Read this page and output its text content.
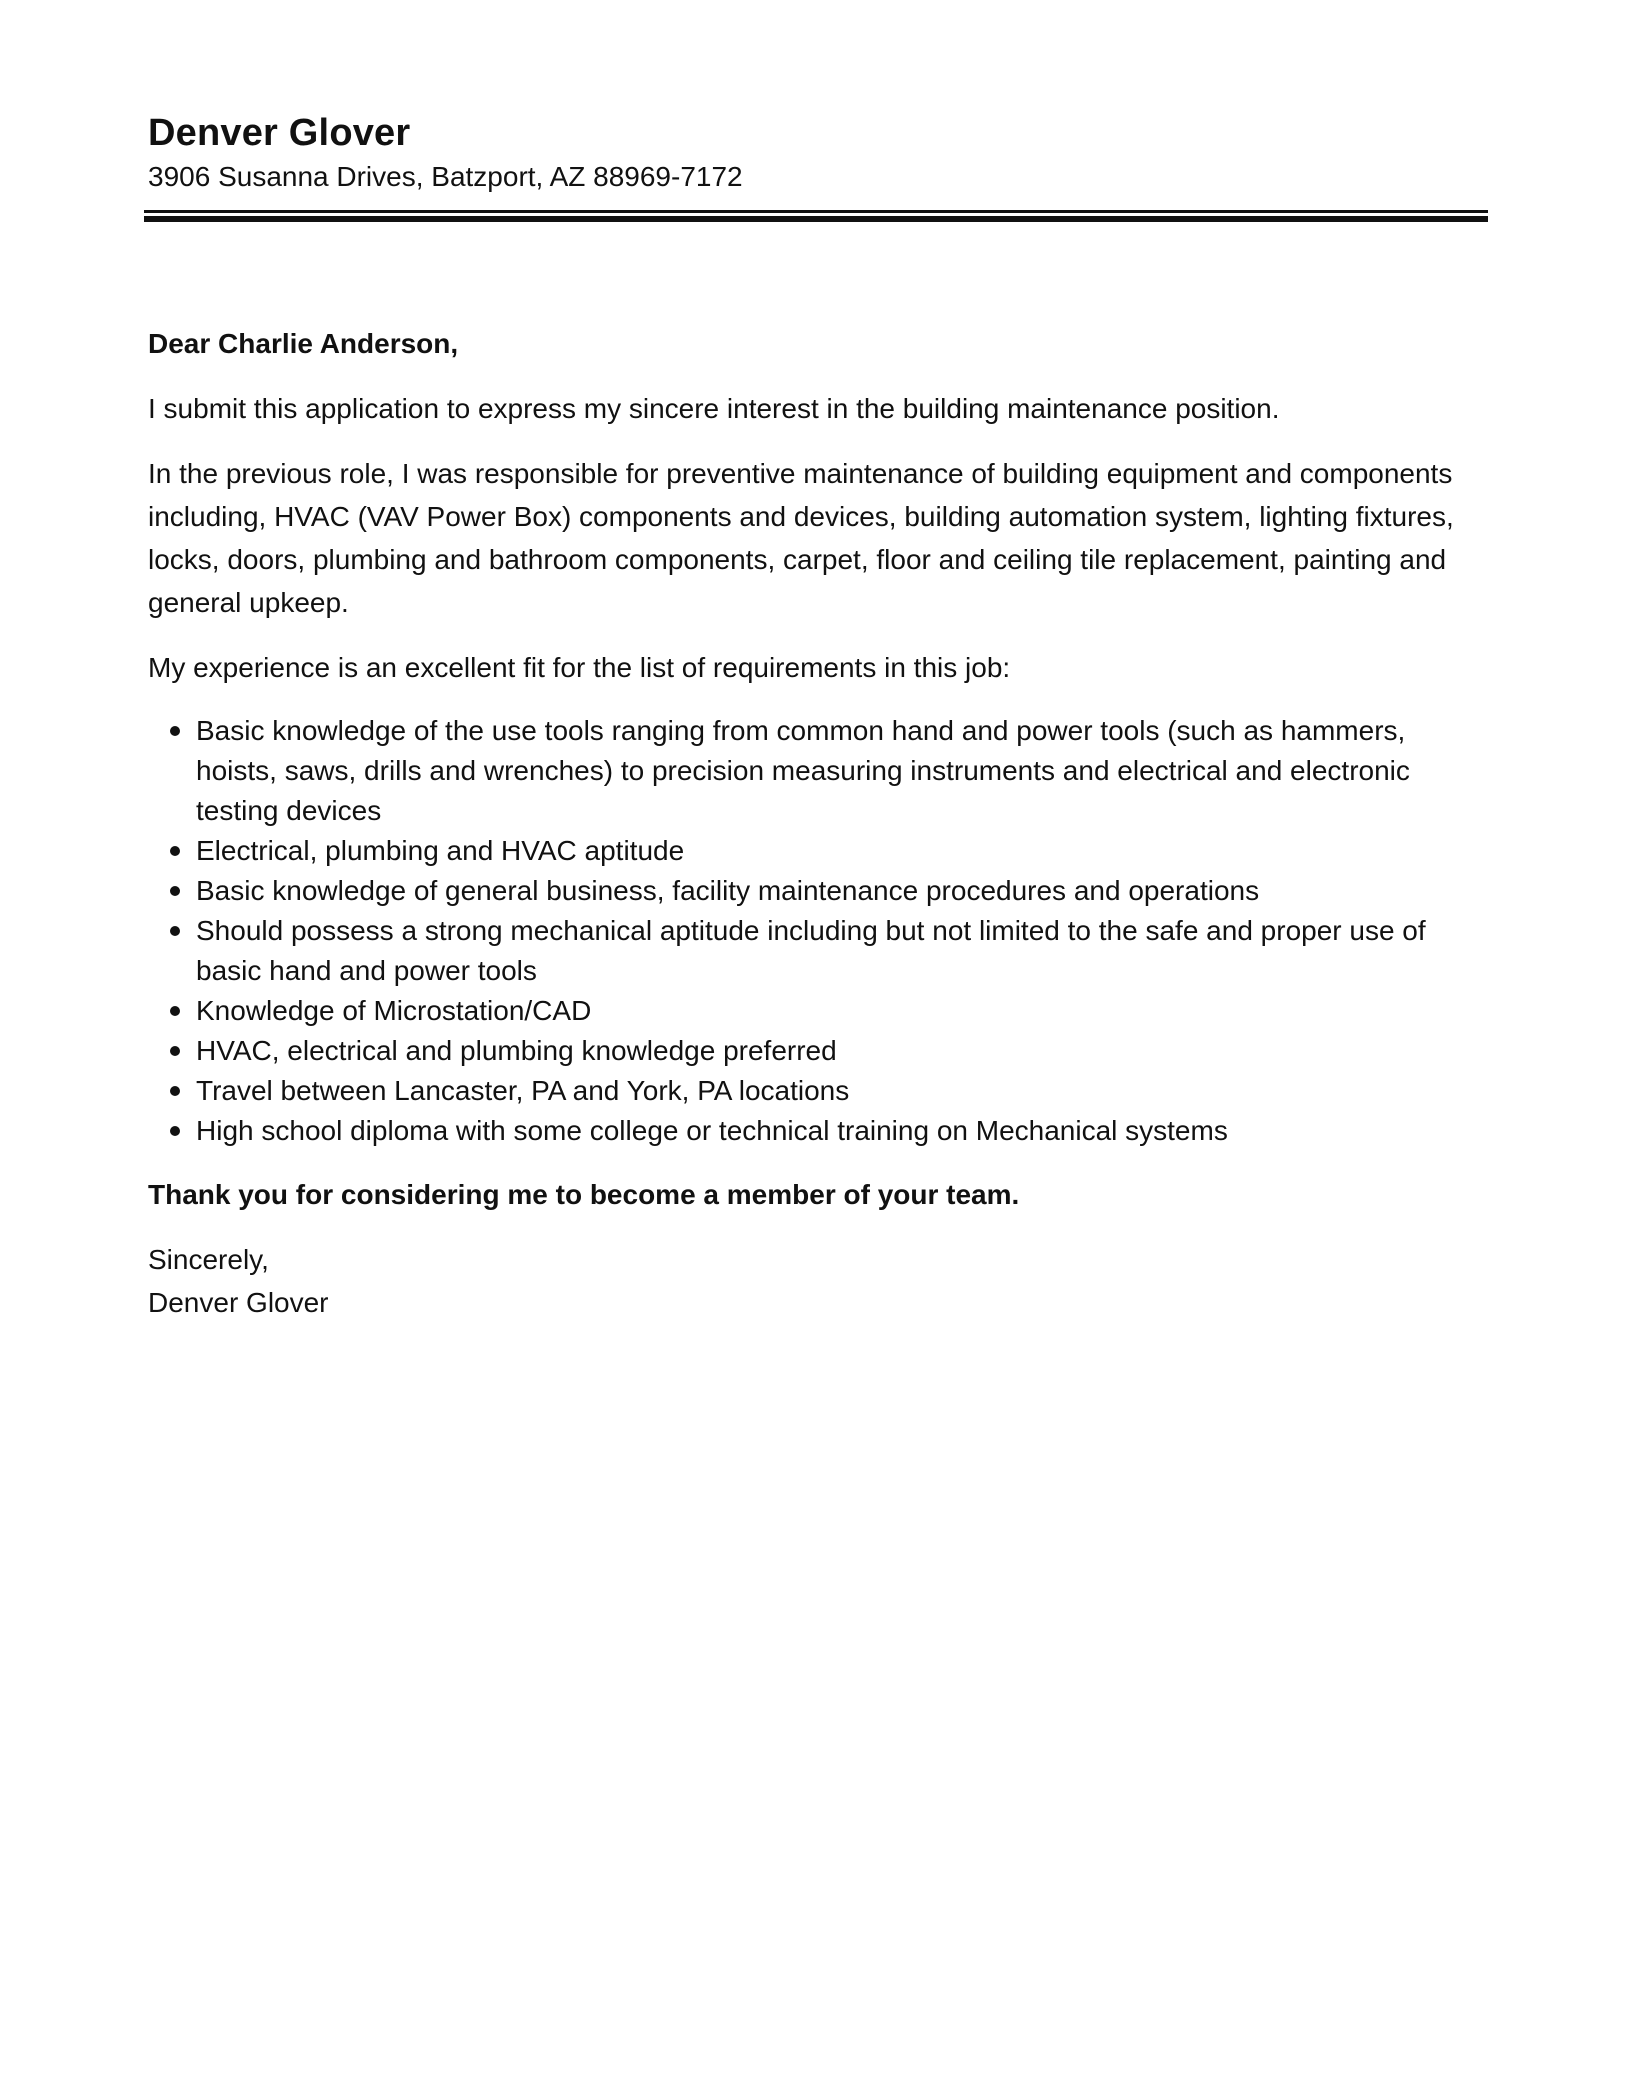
Denver Glover

3906 Susanna Drives, Batzport, AZ 88969-7172

Dear Charlie Anderson,

I submit this application to express my sincere interest in the building maintenance position.

In the previous role, I was responsible for preventive maintenance of building equipment and components including, HVAC (VAV Power Box) components and devices, building automation system, lighting fixtures, locks, doors, plumbing and bathroom components, carpet, floor and ceiling tile replacement, painting and general upkeep.

My experience is an excellent fit for the list of requirements in this job:

Basic knowledge of the use tools ranging from common hand and power tools (such as hammers, hoists, saws, drills and wrenches) to precision measuring instruments and electrical and electronic testing devices
Electrical, plumbing and HVAC aptitude
Basic knowledge of general business, facility maintenance procedures and operations
Should possess a strong mechanical aptitude including but not limited to the safe and proper use of basic hand and power tools
Knowledge of Microstation/CAD
HVAC, electrical and plumbing knowledge preferred
Travel between Lancaster, PA and York, PA locations
High school diploma with some college or technical training on Mechanical systems

Thank you for considering me to become a member of your team.

Sincerely,

Denver Glover
